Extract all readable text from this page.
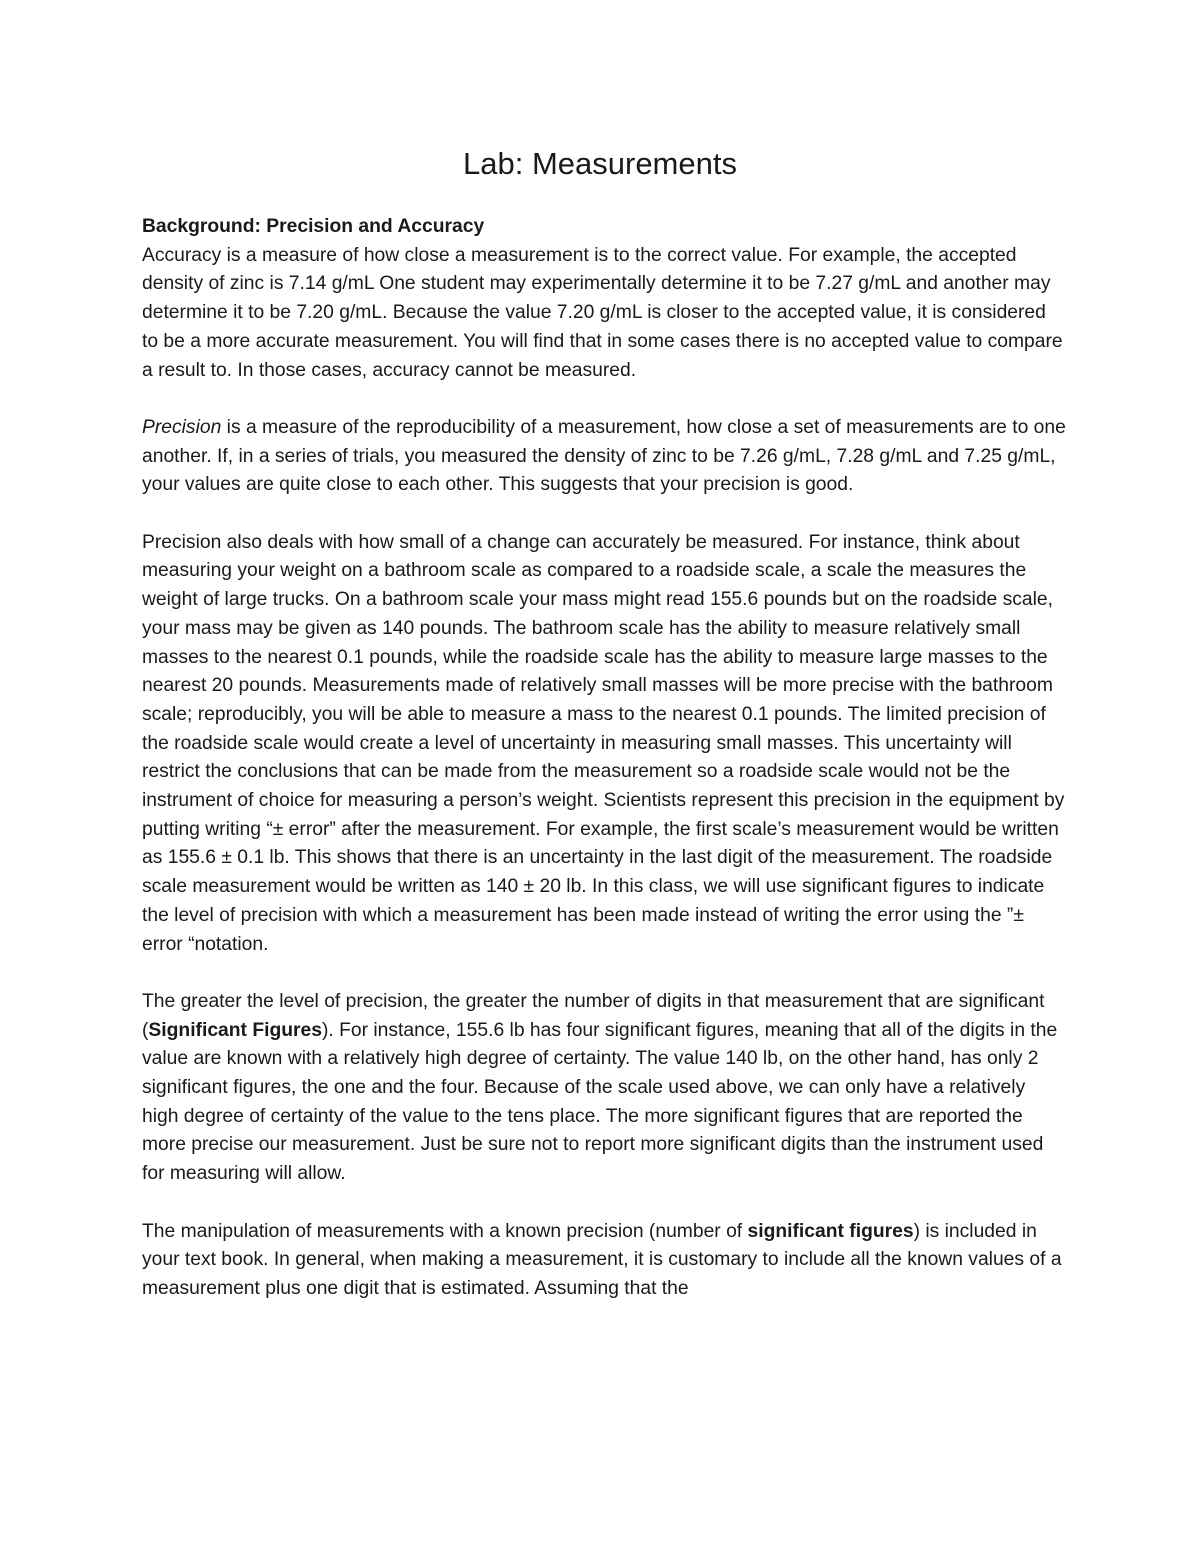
Lab: Measurements

Background: Precision and Accuracy
Accuracy is a measure of how close a measurement is to the correct value. For example, the accepted density of zinc is 7.14 g/mL One student may experimentally determine it to be 7.27 g/mL and another may determine it to be 7.20 g/mL. Because the value 7.20 g/mL is closer to the accepted value, it is considered to be a more accurate measurement. You will find that in some cases there is no accepted value to compare a result to. In those cases, accuracy cannot be measured.

Precision is a measure of the reproducibility of a measurement, how close a set of measurements are to one another. If, in a series of trials, you measured the density of zinc to be 7.26 g/mL, 7.28 g/mL and 7.25 g/mL, your values are quite close to each other. This suggests that your precision is good.

Precision also deals with how small of a change can accurately be measured. For instance, think about measuring your weight on a bathroom scale as compared to a roadside scale, a scale the measures the weight of large trucks. On a bathroom scale your mass might read 155.6 pounds but on the roadside scale, your mass may be given as 140 pounds. The bathroom scale has the ability to measure relatively small masses to the nearest 0.1 pounds, while the roadside scale has the ability to measure large masses to the nearest 20 pounds. Measurements made of relatively small masses will be more precise with the bathroom scale; reproducibly, you will be able to measure a mass to the nearest 0.1 pounds. The limited precision of the roadside scale would create a level of uncertainty in measuring small masses. This uncertainty will restrict the conclusions that can be made from the measurement so a roadside scale would not be the instrument of choice for measuring a person’s weight. Scientists represent this precision in the equipment by putting writing “± error” after the measurement. For example, the first scale’s measurement would be written as 155.6 ± 0.1 lb. This shows that there is an uncertainty in the last digit of the measurement. The roadside scale measurement would be written as 140 ± 20 lb. In this class, we will use significant figures to indicate the level of precision with which a measurement has been made instead of writing the error using the ”± error “notation.

The greater the level of precision, the greater the number of digits in that measurement that are significant (Significant Figures). For instance, 155.6 lb has four significant figures, meaning that all of the digits in the value are known with a relatively high degree of certainty. The value 140 lb, on the other hand, has only 2 significant figures, the one and the four. Because of the scale used above, we can only have a relatively high degree of certainty of the value to the tens place. The more significant figures that are reported the more precise our measurement. Just be sure not to report more significant digits than the instrument used for measuring will allow.

The manipulation of measurements with a known precision (number of significant figures) is included in your text book. In general, when making a measurement, it is customary to include all the known values of a measurement plus one digit that is estimated. Assuming that the
